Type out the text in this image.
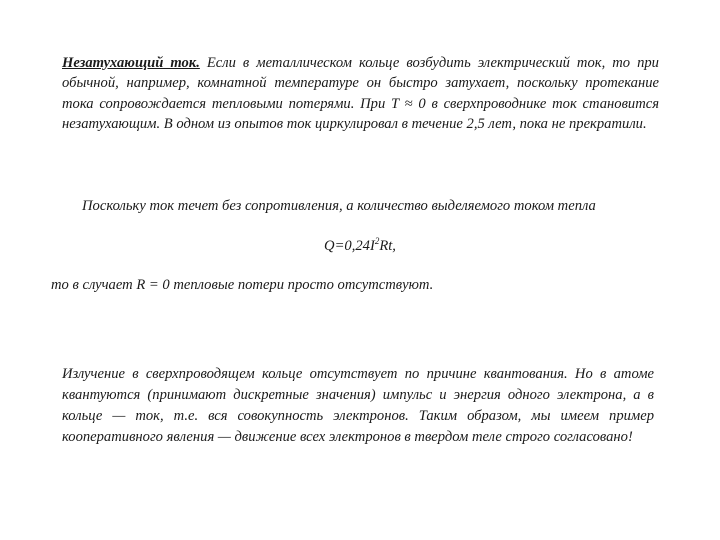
Незатухающий ток. Если в металлическом кольце возбудить электрический ток, то при обычной, например, комнатной температуре он быстро затухает, поскольку протекание тока сопровождается тепловыми потерями. При T ≈ 0 в сверхпроводнике ток становится незатухающим. В одном из опытов ток циркулировал в течение 2,5 лет, пока не прекратили.

Поскольку ток течет без сопротивления, а количество выделяемого током тепла
$Q=0,24I^2Rt$,
то в случает R = 0 тепловые потери просто отсутствуют.
Излучение в сверхпроводящем кольце отсутствует по причине квантования. Но в атоме квантуются (принимают дискретные значения) импульс и энергия одного электрона, а в кольце — ток, т.е. вся совокупность электронов. Таким образом, мы имеем пример кооперативного явления — движение всех электронов в твердом теле строго согласовано!
